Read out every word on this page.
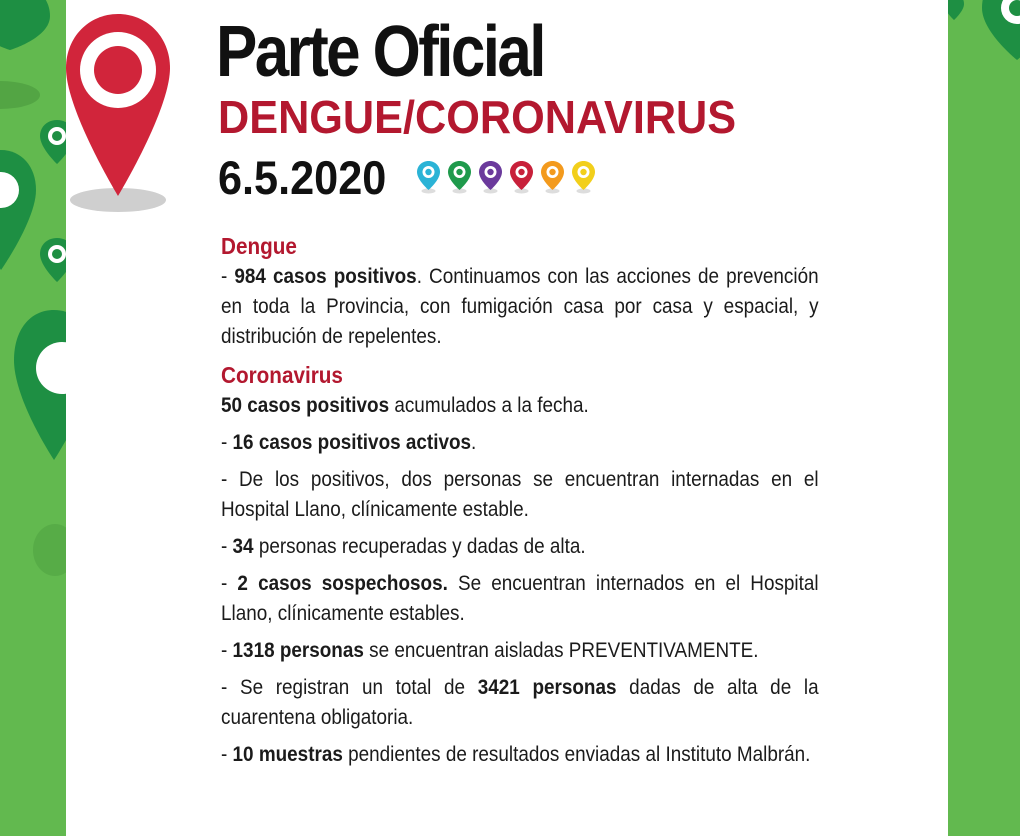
Parte Oficial
DENGUE/CORONAVIRUS
6.5.2020
Dengue

- 984 casos positivos. Continuamos con las acciones de prevención en toda la Provincia, con fumigación casa por casa y espacial, y distribución de repelentes.

Coronavirus

50 casos positivos acumulados a la fecha.

- 16 casos positivos activos.

- De los positivos, dos personas se encuentran internadas en el Hospital Llano, clínicamente estable.

- 34 personas recuperadas y dadas de alta.

- 2 casos sospechosos. Se encuentran internados en el Hospital Llano, clínicamente estables.

- 1318 personas se encuentran aisladas PREVENTIVAMENTE.

- Se registran un total de 3421 personas dadas de alta de la cuarentena obligatoria.

- 10 muestras pendientes de resultados enviadas al Instituto Malbrán.
